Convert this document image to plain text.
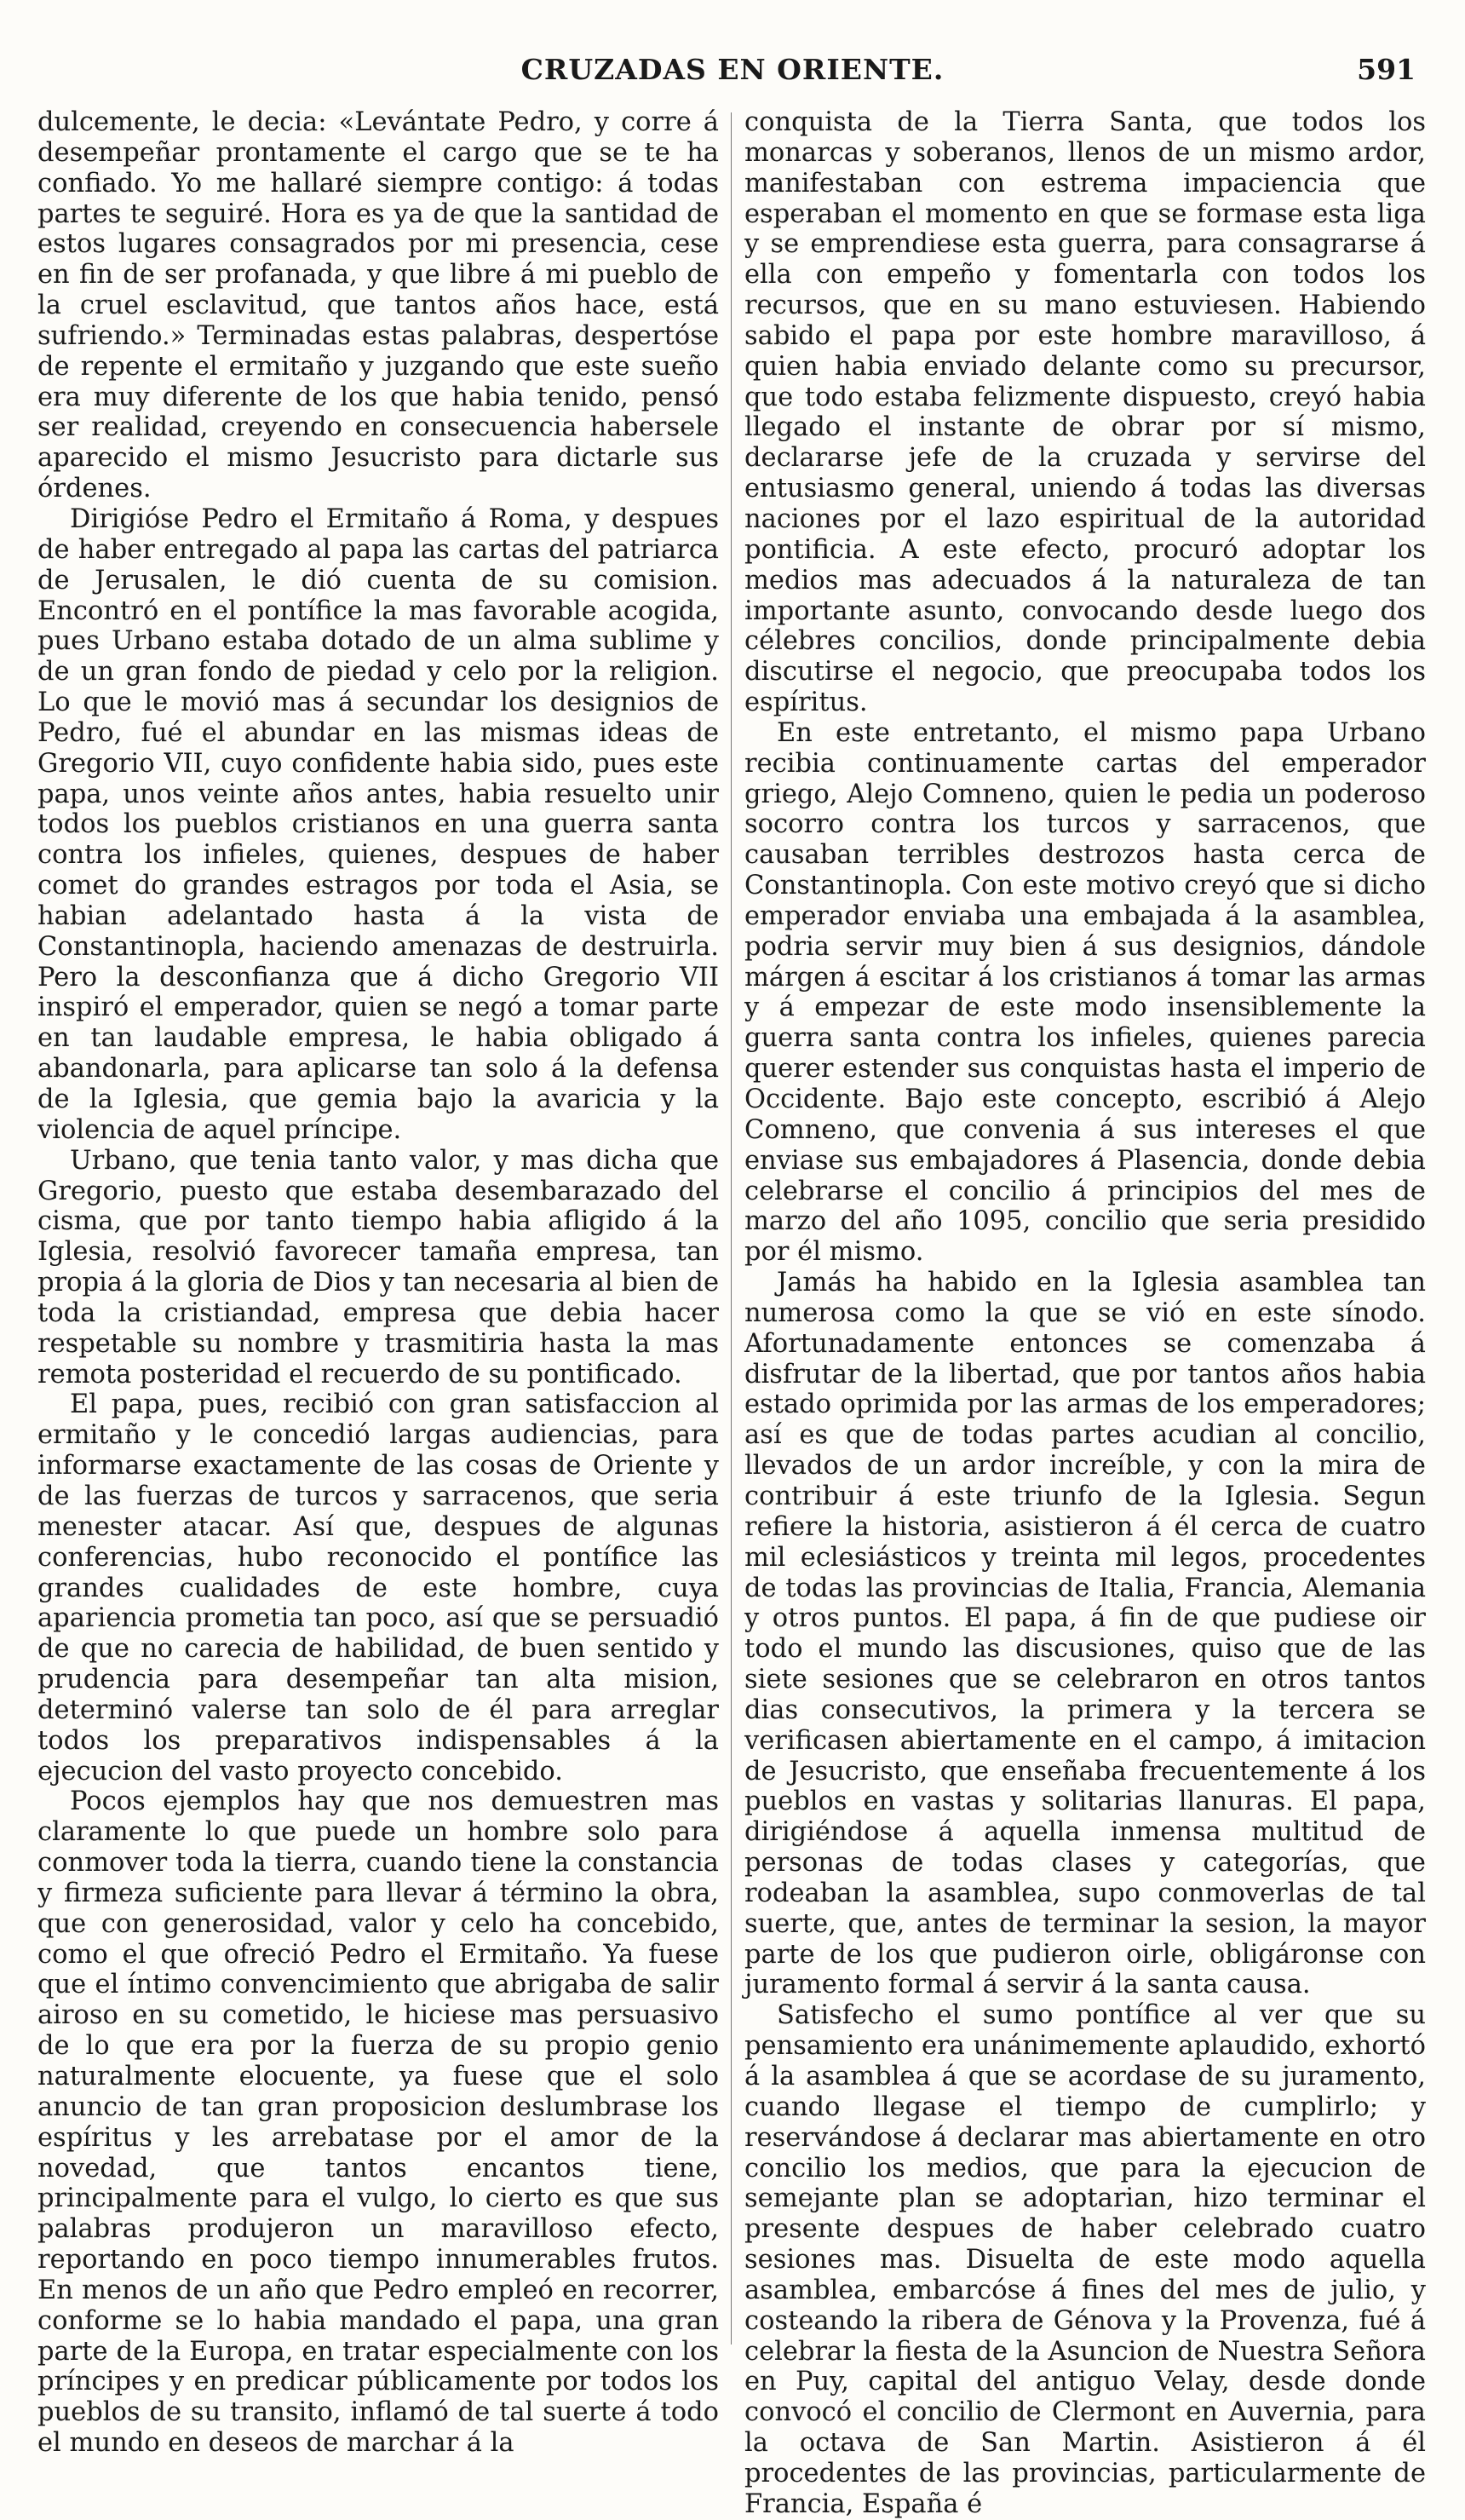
CRUZADAS EN ORIENTE.	591

dulcemente, le decia: «Levántate Pedro, y corre á desempeñar prontamente el cargo que se te ha confiado. Yo me hallaré siempre contigo: á todas partes te seguiré. Hora es ya de que la santidad de estos lugares consagrados por mi presencia, cese en fin de ser profanada, y que libre á mi pueblo de la cruel esclavitud, que tantos años hace, está sufriendo.» Terminadas estas palabras, despertóse de repente el ermitaño y juzgando que este sueño era muy diferente de los que habia tenido, pensó ser realidad, creyendo en consecuencia habersele aparecido el mismo Jesucristo para dictarle sus órdenes.

Dirigióse Pedro el Ermitaño á Roma, y despues de haber entregado al papa las cartas del patriarca de Jerusalen, le dió cuenta de su comision. Encontró en el pontífice la mas favorable acogida, pues Urbano estaba dotado de un alma sublime y de un gran fondo de piedad y celo por la religion. Lo que le movió mas á secundar los designios de Pedro, fué el abundar en las mismas ideas de Gregorio VII, cuyo confidente habia sido, pues este papa, unos veinte años antes, habia resuelto unir todos los pueblos cristianos en una guerra santa contra los infieles, quienes, despues de haber comet do grandes estragos por toda el Asia, se habian adelantado hasta á la vista de Constantinopla, haciendo amenazas de destruirla. Pero la desconfianza que á dicho Gregorio VII inspiró el emperador, quien se negó a tomar parte en tan laudable empresa, le habia obligado á abandonarla, para aplicarse tan solo á la defensa de la Iglesia, que gemia bajo la avaricia y la violencia de aquel príncipe.

Urbano, que tenia tanto valor, y mas dicha que Gregorio, puesto que estaba desembarazado del cisma, que por tanto tiempo habia afligido á la Iglesia, resolvió favorecer tamaña empresa, tan propia á la gloria de Dios y tan necesaria al bien de toda la cristiandad, empresa que debia hacer respetable su nombre y trasmitiria hasta la mas remota posteridad el recuerdo de su pontificado.

El papa, pues, recibió con gran satisfaccion al ermitaño y le concedió largas audiencias, para informarse exactamente de las cosas de Oriente y de las fuerzas de turcos y sarracenos, que seria menester atacar. Así que, despues de algunas conferencias, hubo reconocido el pontífice las grandes cualidades de este hombre, cuya apariencia prometia tan poco, así que se persuadió de que no carecia de habilidad, de buen sentido y prudencia para desempeñar tan alta mision, determinó valerse tan solo de él para arreglar todos los preparativos indispensables á la ejecucion del vasto proyecto concebido.

Pocos ejemplos hay que nos demuestren mas claramente lo que puede un hombre solo para conmover toda la tierra, cuando tiene la constancia y firmeza suficiente para llevar á término la obra, que con generosidad, valor y celo ha concebido, como el que ofreció Pedro el Ermitaño. Ya fuese que el íntimo convencimiento que abrigaba de salir airoso en su cometido, le hiciese mas persuasivo de lo que era por la fuerza de su propio genio naturalmente elocuente, ya fuese que el solo anuncio de tan gran proposicion deslumbrase los espíritus y les arrebatase por el amor de la novedad, que tantos encantos tiene, principalmente para el vulgo, lo cierto es que sus palabras produjeron un maravilloso efecto, reportando en poco tiempo innumerables frutos. En menos de un año que Pedro empleó en recorrer, conforme se lo habia mandado el papa, una gran parte de la Europa, en tratar especialmente con los príncipes y en predicar públicamente por todos los pueblos de su transito, inflamó de tal suerte á todo el mundo en deseos de marchar á la

conquista de la Tierra Santa, que todos los monarcas y soberanos, llenos de un mismo ardor, manifestaban con estrema impaciencia que esperaban el momento en que se formase esta liga y se emprendiese esta guerra, para consagrarse á ella con empeño y fomentarla con todos los recursos, que en su mano estuviesen. Habiendo sabido el papa por este hombre maravilloso, á quien habia enviado delante como su precursor, que todo estaba felizmente dispuesto, creyó habia llegado el instante de obrar por sí mismo, declararse jefe de la cruzada y servirse del entusiasmo general, uniendo á todas las diversas naciones por el lazo espiritual de la autoridad pontificia. A este efecto, procuró adoptar los medios mas adecuados á la naturaleza de tan importante asunto, convocando desde luego dos célebres concilios, donde principalmente debia discutirse el negocio, que preocupaba todos los espíritus.

En este entretanto, el mismo papa Urbano recibia continuamente cartas del emperador griego, Alejo Comneno, quien le pedia un poderoso socorro contra los turcos y sarracenos, que causaban terribles destrozos hasta cerca de Constantinopla. Con este motivo creyó que si dicho emperador enviaba una embajada á la asamblea, podria servir muy bien á sus designios, dándole márgen á escitar á los cristianos á tomar las armas y á empezar de este modo insensiblemente la guerra santa contra los infieles, quienes parecia querer estender sus conquistas hasta el imperio de Occidente. Bajo este concepto, escribió á Alejo Comneno, que convenia á sus intereses el que enviase sus embajadores á Plasencia, donde debia celebrarse el concilio á principios del mes de marzo del año 1095, concilio que seria presidido por él mismo.

Jamás ha habido en la Iglesia asamblea tan numerosa como la que se vió en este sínodo. Afortunadamente entonces se comenzaba á disfrutar de la libertad, que por tantos años habia estado oprimida por las armas de los emperadores; así es que de todas partes acudian al concilio, llevados de un ardor increíble, y con la mira de contribuir á este triunfo de la Iglesia. Segun refiere la historia, asistieron á él cerca de cuatro mil eclesiásticos y treinta mil legos, procedentes de todas las provincias de Italia, Francia, Alemania y otros puntos. El papa, á fin de que pudiese oir todo el mundo las discusiones, quiso que de las siete sesiones que se celebraron en otros tantos dias consecutivos, la primera y la tercera se verificasen abiertamente en el campo, á imitacion de Jesucristo, que enseñaba frecuentemente á los pueblos en vastas y solitarias llanuras. El papa, dirigiéndose á aquella inmensa multitud de personas de todas clases y categorías, que rodeaban la asamblea, supo conmoverlas de tal suerte, que, antes de terminar la sesion, la mayor parte de los que pudieron oirle, obligáronse con juramento formal á servir á la santa causa.

Satisfecho el sumo pontífice al ver que su pensamiento era unánimemente aplaudido, exhortó á la asamblea á que se acordase de su juramento, cuando llegase el tiempo de cumplirlo; y reservándose á declarar mas abiertamente en otro concilio los medios, que para la ejecucion de semejante plan se adoptarian, hizo terminar el presente despues de haber celebrado cuatro sesiones mas. Disuelta de este modo aquella asamblea, embarcóse á fines del mes de julio, y costeando la ribera de Génova y la Provenza, fué á celebrar la fiesta de la Asuncion de Nuestra Señora en Puy, capital del antiguo Velay, desde donde convocó el concilio de Clermont en Auvernia, para la octava de San Martin. Asistieron á él procedentes de las provincias, particularmente de Francia, España é
